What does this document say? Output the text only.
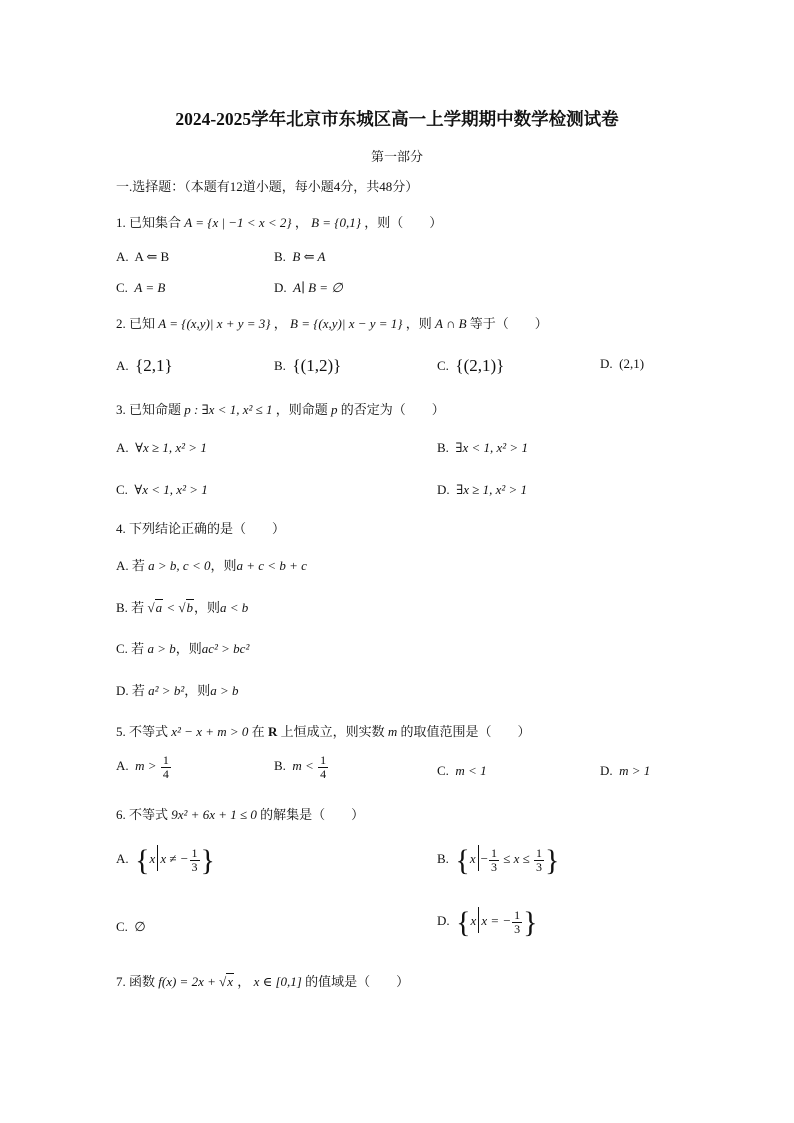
2024-2025学年北京市东城区高一上学期期中数学检测试卷
第一部分
一.选择题：（本题有12道小题，每小题4分，共48分）
1. 已知集合 A = {x | −1 < x < 2} ， B = {0,1} ，则（　　）
A. A ⇐ B	B. B ⇐ A
C. A = B	D. A∣ B = ∅
2. 已知 A = {(x,y)| x + y = 3} ， B = {(x,y)| x − y = 1} ，则 A ∩ B 等于（　　）
A. {2,1}	B. {(1,2)}	C. {(2,1)}	D. (2,1)
3. 已知命题 p : ∃x < 1, x² ≤ 1 ，则命题 p 的否定为（　　）
A. ∀x ≥ 1, x² > 1	B. ∃x < 1, x² > 1
C. ∀x < 1, x² > 1	D. ∃x ≥ 1, x² > 1
4. 下列结论正确的是（　　）
A. 若 a > b, c < 0，则a + c < b + c
B. 若 √a < √b，则a < b
C. 若 a > b，则ac² > bc²
D. 若 a² > b²，则a > b
5. 不等式 x² − x + m > 0 在 R 上恒成立，则实数 m 的取值范围是（　　）
A. $m > \frac{1}{4}$	B. $m < \frac{1}{4}$	C. m < 1	D. m > 1
6. 不等式 9x² + 6x + 1 ≤ 0 的解集是（　　）
A. {x x ≠ − $\frac{1}{3}$ }	B. {$x - \frac{1}{3} \le x \le \frac{1}{3}$ }
C. ∅	D. {x x = − $\frac{1}{3}$ }
7. 函数 f(x) = 2x + √x ， x ∈ [0,1] 的值域是（　　）
